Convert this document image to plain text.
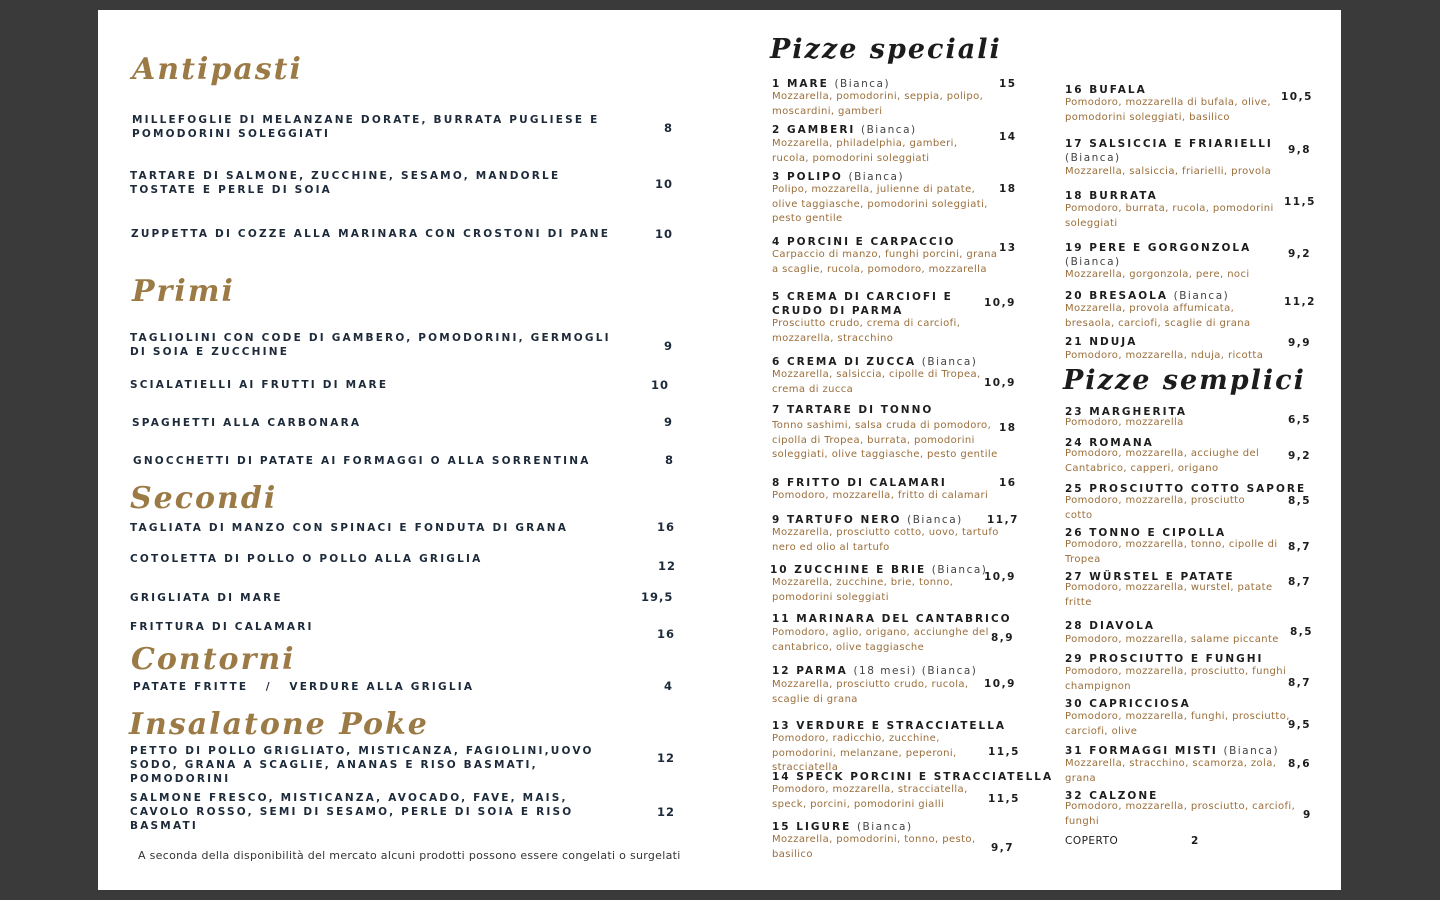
Antipasti
MILLEFOGLIE DI MELANZANE DORATE, BURRATA PUGLIESE E POMODORINI SOLEGGIATI	8
TARTARE DI SALMONE, ZUCCHINE, SESAMO, MANDORLE TOSTATE E PERLE DI SOIA	10
ZUPPETTA DI COZZE ALLA MARINARA CON CROSTONI DI PANE	10
Primi
TAGLIOLINI CON CODE DI GAMBERO, POMODORINI, GERMOGLI DI SOIA E ZUCCHINE	9
SCIALATIELLI AI FRUTTI DI MARE	10
SPAGHETTI ALLA CARBONARA	9
GNOCCHETTI DI PATATE AI FORMAGGI O ALLA SORRENTINA	8
Secondi
TAGLIATA DI MANZO CON SPINACI E FONDUTA DI GRANA	16
COTOLETTA DI POLLO O POLLO ALLA GRIGLIA	12
GRIGLIATA DI MARE	19,5
FRITTURA DI CALAMARI	16
Contorni
PATATE FRITTE   /   VERDURE ALLA GRIGLIA	4
Insalatone Poke
PETTO DI POLLO GRIGLIATO, MISTICANZA, FAGIOLINI,UOVO SODO, GRANA A SCAGLIE, ANANAS E RISO BASMATI, POMODORINI
12
SALMONE FRESCO, MISTICANZA, AVOCADO, FAVE, MAIS, CAVOLO ROSSO, SEMI DI SESAMO, PERLE DI SOIA E RISO BASMATI
12
A seconda della disponibilità del mercato alcuni prodotti possono essere congelati o surgelati
Pizze speciali
1 MARE (Bianca)
Mozzarella, pomodorini, seppia, polipo, moscardini, gamberi
15
2 GAMBERI (Bianca)
Mozzarella, philadelphia, gamberi, rucola, pomodorini soleggiati
14
3 POLIPO (Bianca)
Polipo, mozzarella, julienne di patate, olive taggiasche, pomodorini soleggiati, pesto gentile
18
4 PORCINI E CARPACCIO
Carpaccio di manzo, funghi porcini, grana a scaglie, rucola, pomodoro, mozzarella
13
5 CREMA DI CARCIOFI E CRUDO DI PARMA
Prosciutto crudo, crema di carciofi, mozzarella, stracchino
10,9
6 CREMA DI ZUCCA (Bianca)
Mozzarella, salsiccia, cipolle di Tropea, crema di zucca	10,9
7 TARTARE DI TONNO
Tonno sashimi, salsa cruda di pomodoro, cipolla di Tropea, burrata, pomodorini soleggiati, olive taggiasche, pesto gentile
18
8 FRITTO DI CALAMARI
Pomodoro, mozzarella, fritto di calamari
16
9 TARTUFO NERO (Bianca)
Mozzarella, prosciutto cotto, uovo, tartufo nero ed olio al tartufo
11,7
10 ZUCCHINE E BRIE (Bianca)
Mozzarella, zucchine, brie, tonno, pomodorini soleggiati
10,9
11 MARINARA DEL CANTABRICO
Pomodoro, aglio, origano, acciunghe del cantabrico, olive taggiasche
8,9
12 PARMA (18 mesi) (Bianca)
Mozzarella, prosciutto crudo, rucola, scaglie di grana
10,9
13 VERDURE E STRACCIATELLA
Pomodoro, radicchio, zucchine, pomodorini, melanzane, peperoni, stracciatella
11,5
14 SPECK PORCINI E STRACCIATELLA
Pomodoro, mozzarella, stracciatella, speck, porcini, pomodorini gialli	11,5
15 LIGURE (Bianca)
Mozzarella, pomodorini, tonno, pesto, basilico	9,7
16 BUFALA
Pomodoro, mozzarella di bufala, olive, pomodorini soleggiati, basilico
10,5
17 SALSICCIA E FRIARIELLI (Bianca)
Mozzarella, salsiccia, friarielli, provola
9,8
18 BURRATA
Pomodoro, burrata, rucola, pomodorini soleggiati
11,5
19 PERE E GORGONZOLA (Bianca)
Mozzarella, gorgonzola, pere, noci
9,2
20 BRESAOLA (Bianca)
Mozzarella, provola affumicata, bresaola, carciofi, scaglie di grana
11,2
21 NDUJA
Pomodoro, mozzarella, nduja, ricotta
9,9
Pizze semplici
23 MARGHERITA
Pomodoro, mozzarella	6,5
24 ROMANA
Pomodoro, mozzarella, acciughe del Cantabrico, capperi, origano
9,2
25 PROSCIUTTO COTTO SAPORE
Pomodoro, mozzarella, prosciutto cotto
8,5
26 TONNO E CIPOLLA
Pomodoro, mozzarella, tonno, cipolle di Tropea
8,7
27 WÜRSTEL E PATATE
Pomodoro, mozzarella, wurstel, patate fritte
8,7
28 DIAVOLA
Pomodoro, mozzarella, salame piccante
8,5
29 PROSCIUTTO E FUNGHI
Pomodoro, mozzarella, prosciutto, funghi champignon	8,7
30 CAPRICCIOSA
Pomodoro, mozzarella, funghi, prosciutto, carciofi, olive	9,5
31 FORMAGGI MISTI (Bianca)
Mozzarella, stracchino, scamorza, zola, grana
8,6
32 CALZONE
Pomodoro, mozzarella, prosciutto, carciofi, funghi	9
COPERTO	2
